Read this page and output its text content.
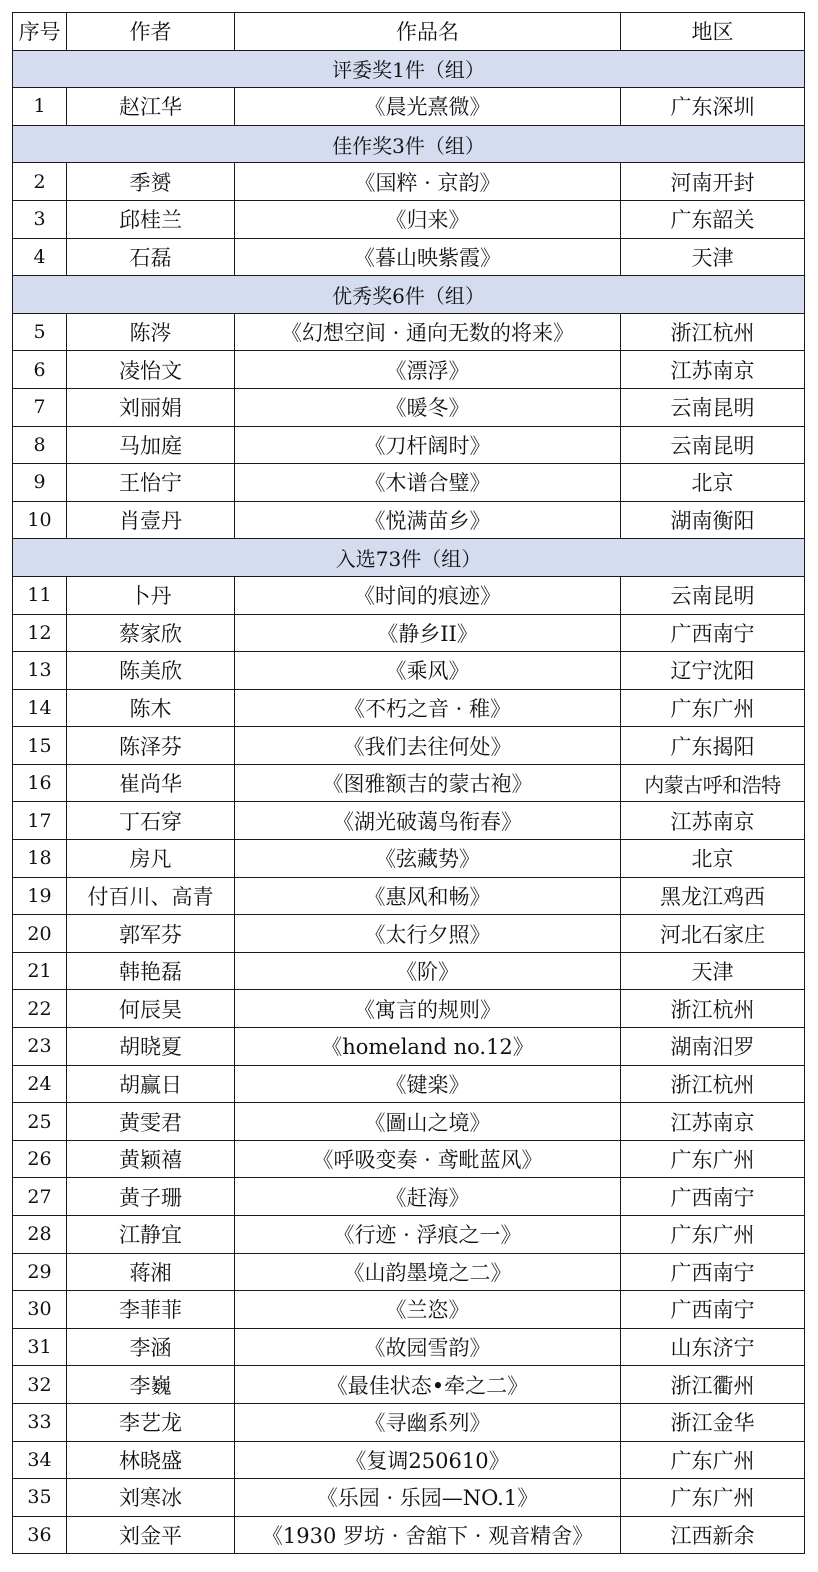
序号	作者	作品名	地区
评委奖1件（组）			
1	赵江华	《晨光熹微》	广东深圳
佳作奖3件（组）			
2	季赟	《国粹 · 京韵》	河南开封
3	邱桂兰	《归来》	广东韶关
4	石磊	《暮山映紫霞》	天津
优秀奖6件（组）			
5	陈涔	《幻想空间 · 通向无数的将来》	浙江杭州
6	凌怡文	《漂浮》	江苏南京
7	刘丽娟	《暖冬》	云南昆明
8	马加庭	《刀杆阔时》	云南昆明
9	王怡宁	《木谱合璧》	北京
10	肖壹丹	《悦满苗乡》	湖南衡阳
入选73件（组）			
11	卜丹	《时间的痕迹》	云南昆明
12	蔡家欣	《静乡II》	广西南宁
13	陈美欣	《乘风》	辽宁沈阳
14	陈木	《不朽之音 · 稚》	广东广州
15	陈泽芬	《我们去往何处》	广东揭阳
16	崔尚华	《图雅额吉的蒙古袍》	内蒙古呼和浩特
17	丁石穿	《湖光破蔼鸟衔春》	江苏南京
18	房凡	《弦藏势》	北京
19	付百川、高青	《惠风和畅》	黑龙江鸡西
20	郭军芬	《太行夕照》	河北石家庄
21	韩艳磊	《阶》	天津
22	何辰昊	《寓言的规则》	浙江杭州
23	胡晓夏	《homeland no.12》	湖南汨罗
24	胡赢日	《键楽》	浙江杭州
25	黄雯君	《圖山之境》	江苏南京
26	黄颖禧	《呼吸变奏 · 鸢毗蓝风》	广东广州
27	黄子珊	《赶海》	广西南宁
28	江静宜	《行迹 · 浮痕之一》	广东广州
29	蒋湘	《山韵墨境之二》	广西南宁
30	李菲菲	《兰恣》	广西南宁
31	李涵	《故园雪韵》	山东济宁
32	李巍	《最佳状态•牵之二》	浙江衢州
33	李艺龙	《寻幽系列》	浙江金华
34	林晓盛	《复调250610》	广东广州
35	刘寒冰	《乐园 · 乐园—NO.1》	广东广州
36	刘金平	《1930 罗坊 · 舍舘下 · 观音精舍》	江西新余
